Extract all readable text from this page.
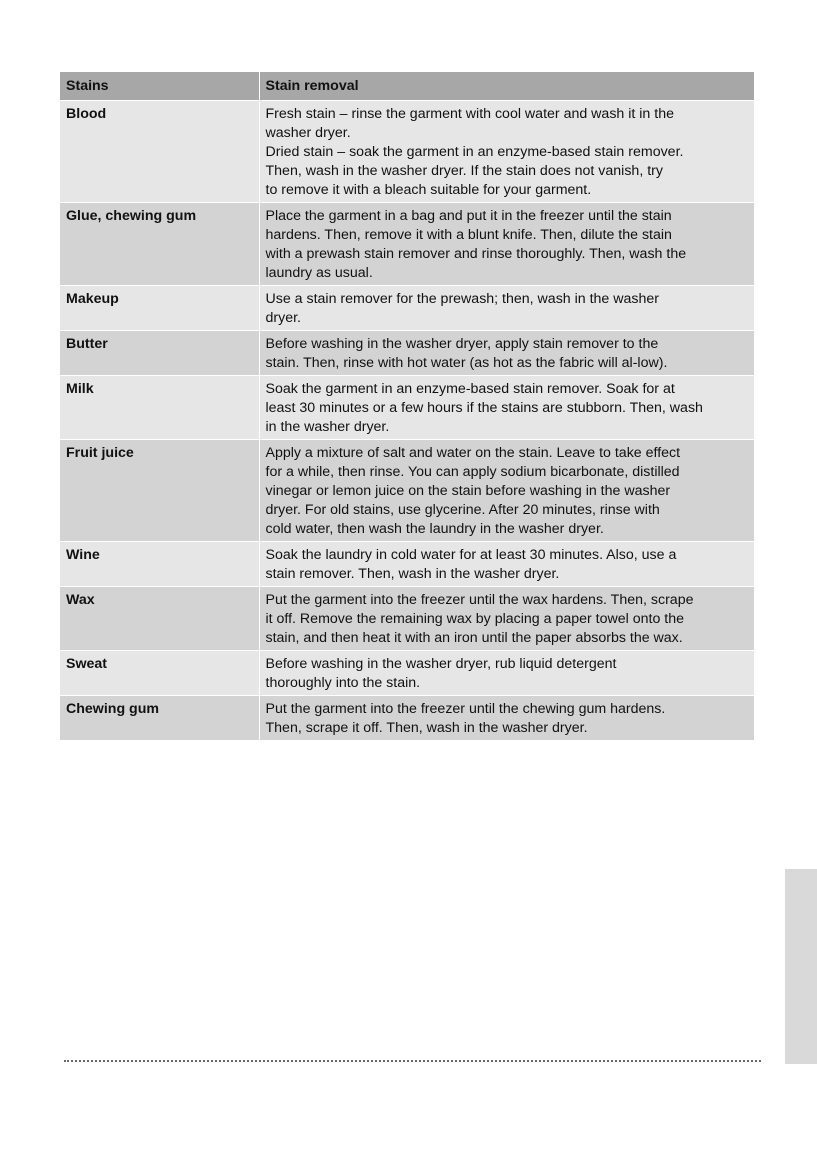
Stains	Stain removal
Blood	Fresh stain – rinse the garment with cool water and wash it in the
washer dryer.
Dried stain – soak the garment in an enzyme-based stain remover.
Then, wash in the washer dryer. If the stain does not vanish, try
to remove it with a bleach suitable for your garment.

Glue, chewing gum	Place the garment in a bag and put it in the freezer until the stain
hardens. Then, remove it with a blunt knife. Then, dilute the stain
with a prewash stain remover and rinse thoroughly. Then, wash the
laundry as usual.

Makeup	Use a stain remover for the prewash; then, wash in the washer
dryer.

Butter	Before washing in the washer dryer, apply stain remover to the
stain. Then, rinse with hot water (as hot as the fabric will al-low).

Milk	Soak the garment in an enzyme-based stain remover. Soak for at
least 30 minutes or a few hours if the stains are stubborn. Then, wash
in the washer dryer.

Fruit juice	Apply a mixture of salt and water on the stain. Leave to take effect
for a while, then rinse. You can apply sodium bicarbonate, distilled
vinegar or lemon juice on the stain before washing in the washer
dryer. For old stains, use glycerine. After 20 minutes, rinse with
cold water, then wash the laundry in the washer dryer.

Wine	Soak the laundry in cold water for at least 30 minutes. Also, use a
stain remover. Then, wash in the washer dryer.

Wax	Put the garment into the freezer until the wax hardens. Then, scrape
it off. Remove the remaining wax by placing a paper towel onto the
stain, and then heat it with an iron until the paper absorbs the wax.

Sweat	Before washing in the washer dryer, rub liquid detergent
thoroughly into the stain.

Chewing gum	Put the garment into the freezer until the chewing gum hardens.
Then, scrape it off. Then, wash in the washer dryer.
